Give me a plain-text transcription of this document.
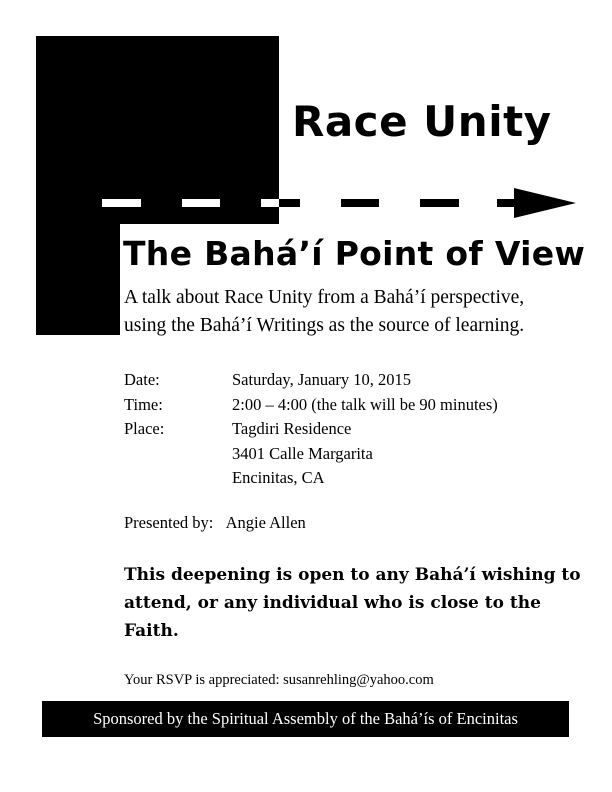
Race Unity
The Bahá’í Point of View
A talk about Race Unity from a Bahá’í perspective,
using the Bahá’í Writings as the source of learning.
Date:	Saturday, January 10, 2015
Time:	2:00 – 4:00 (the talk will be 90 minutes)
Place:	Tagdiri Residence
3401 Calle Margarita
Encinitas, CA
Presented by: Angie Allen
This deepening is open to any Bahá’í wishing to attend, or any individual who is close to the Faith.
Your RSVP is appreciated: susanrehling@yahoo.com
Sponsored by the Spiritual Assembly of the Bahá’ís of Encinitas
